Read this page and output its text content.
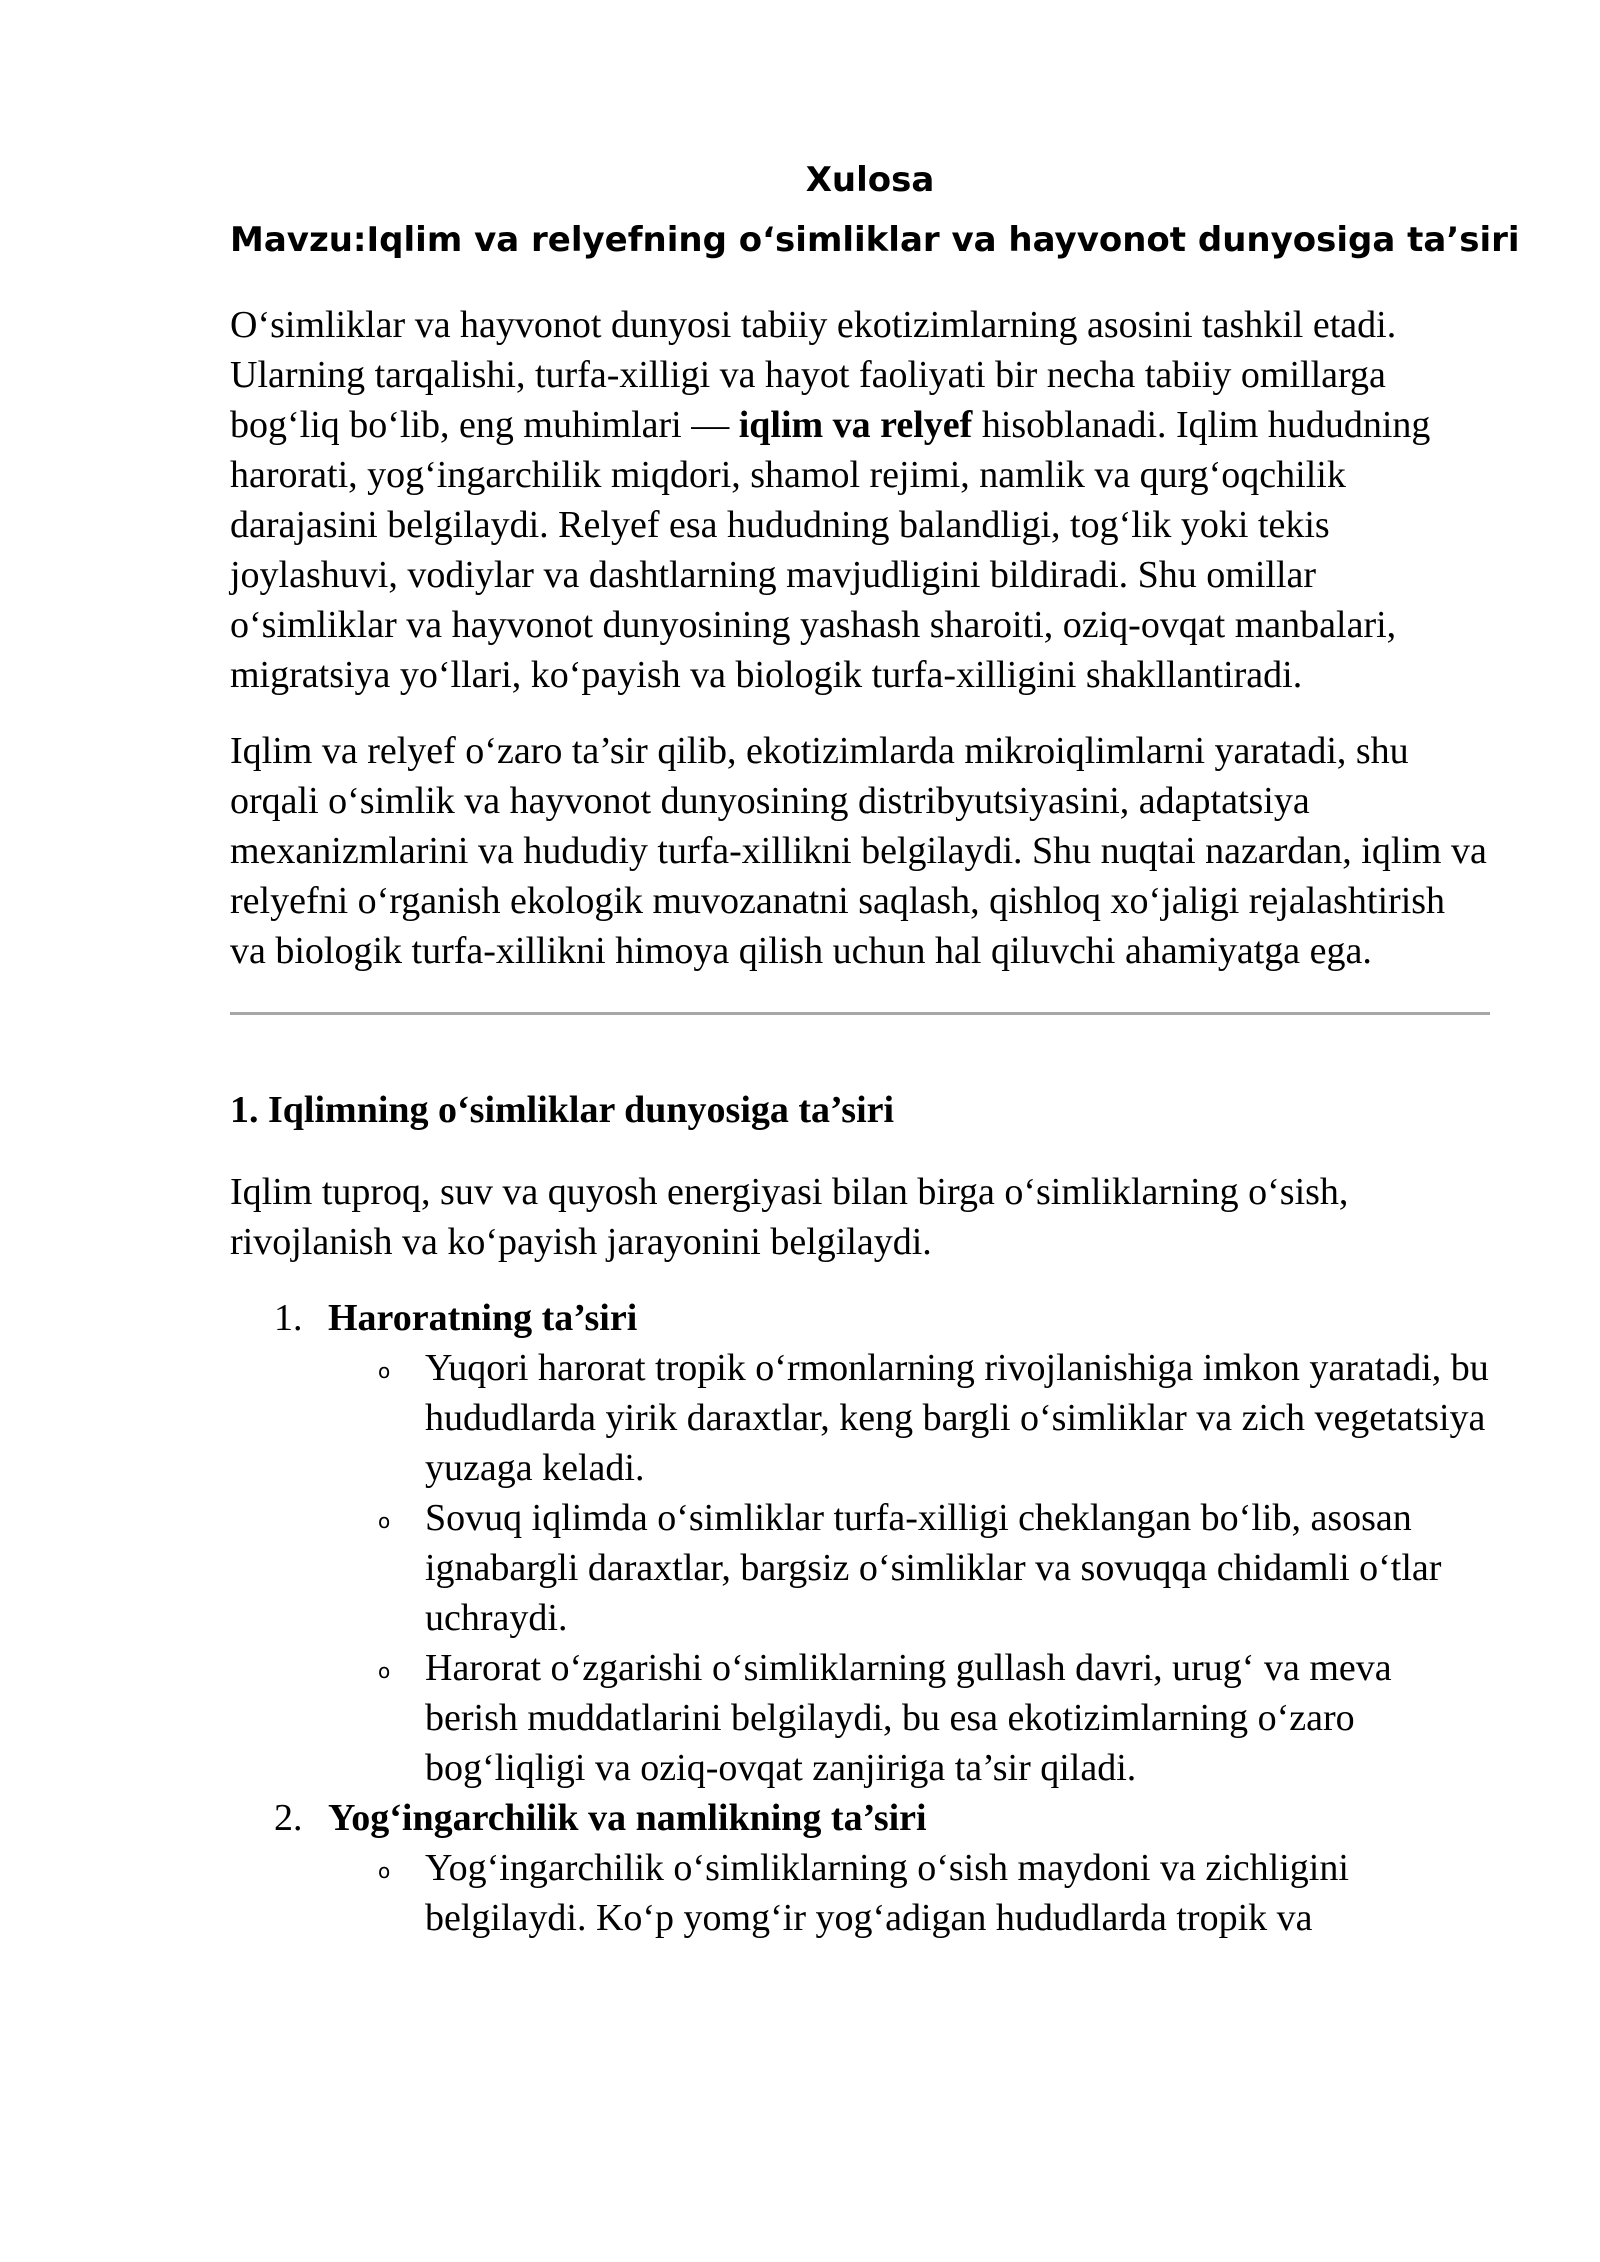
Xulosa
Mavzu:Iqlim va relyefning o‘simliklar va hayvonot dunyosiga ta’siri

O‘simliklar va hayvonot dunyosi tabiiy ekotizimlarning asosini tashkil etadi. Ularning tarqalishi, turfa-xilligi va hayot faoliyati bir necha tabiiy omillarga bog‘liq bo‘lib, eng muhimlari — iqlim va relyef hisoblanadi. Iqlim hududning harorati, yog‘ingarchilik miqdori, shamol rejimi, namlik va qurg‘oqchilik darajasini belgilaydi. Relyef esa hududning balandligi, tog‘lik yoki tekis joylashuvi, vodiylar va dashtlarning mavjudligini bildiradi. Shu omillar o‘simliklar va hayvonot dunyosining yashash sharoiti, oziq-ovqat manbalari, migratsiya yo‘llari, ko‘payish va biologik turfa-xilligini shakllantiradi.

Iqlim va relyef o‘zaro ta’sir qilib, ekotizimlarda mikroiqlimlarni yaratadi, shu orqali o‘simlik va hayvonot dunyosining distribyutsiyasini, adaptatsiya mexanizmlarini va hududiy turfa-xillikni belgilaydi. Shu nuqtai nazardan, iqlim va relyefni o‘rganish ekologik muvozanatni saqlash, qishloq xo‘jaligi rejalashtirish va biologik turfa-xillikni himoya qilish uchun hal qiluvchi ahamiyatga ega.

1. Iqlimning o‘simliklar dunyosiga ta’siri

Iqlim tuproq, suv va quyosh energiyasi bilan birga o‘simliklarning o‘sish, rivojlanish va ko‘payish jarayonini belgilaydi.

1. Haroratning ta’siri
o Yuqori harorat tropik o‘rmonlarning rivojlanishiga imkon yaratadi, bu hududlarda yirik daraxtlar, keng bargli o‘simliklar va zich vegetatsiya yuzaga keladi.
o Sovuq iqlimda o‘simliklar turfa-xilligi cheklangan bo‘lib, asosan ignabargli daraxtlar, bargsiz o‘simliklar va sovuqqa chidamli o‘tlar uchraydi.
o Harorat o‘zgarishi o‘simliklarning gullash davri, urug‘ va meva berish muddatlarini belgilaydi, bu esa ekotizimlarning o‘zaro bog‘liqligi va oziq-ovqat zanjiriga ta’sir qiladi.
2. Yog‘ingarchilik va namlikning ta’siri
o Yog‘ingarchilik o‘simliklarning o‘sish maydoni va zichligini belgilaydi. Ko‘p yomg‘ir yog‘adigan hududlarda tropik va
